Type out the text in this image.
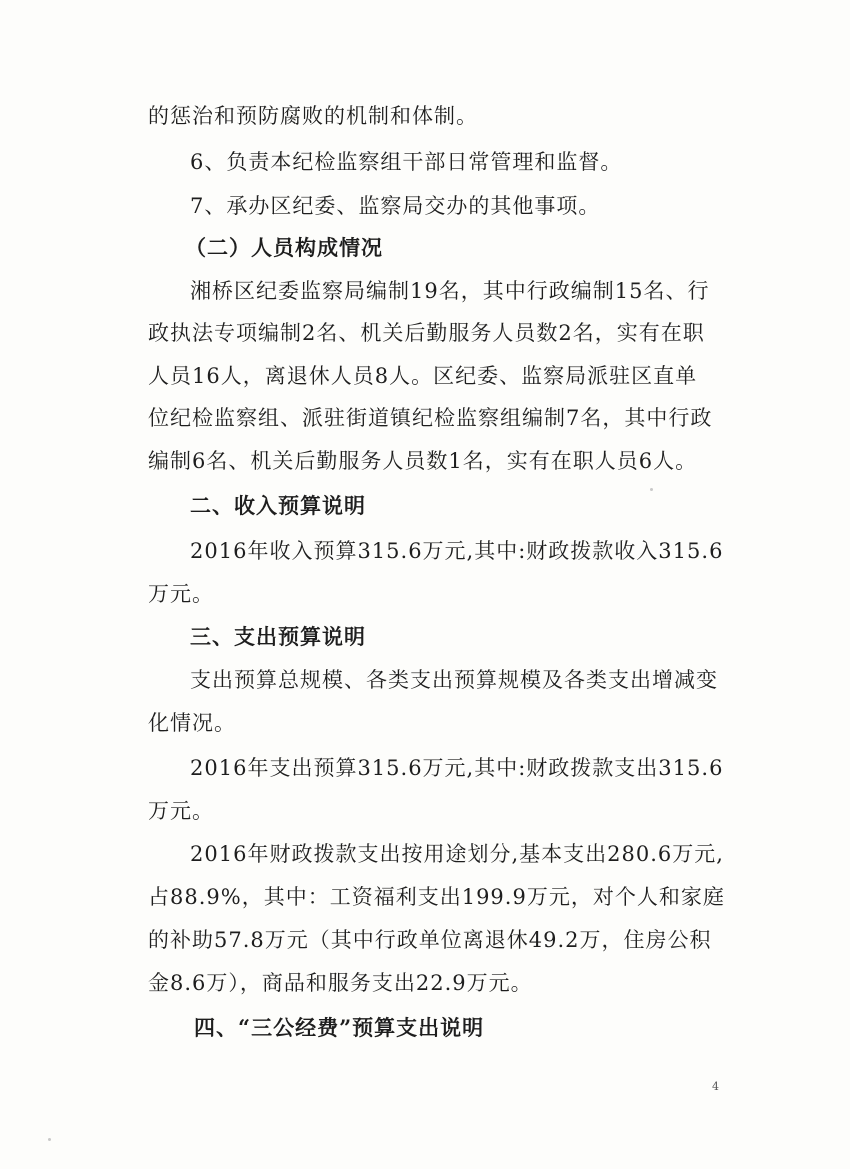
的惩治和预防腐败的机制和体制。
6、负责本纪检监察组干部日常管理和监督。
7、承办区纪委、监察局交办的其他事项。
（二）人员构成情况
湘桥区纪委监察局编制19名，其中行政编制15名、行
政执法专项编制2名、机关后勤服务人员数2名，实有在职
人员16人，离退休人员8人。区纪委、监察局派驻区直单
位纪检监察组、派驻街道镇纪检监察组编制7名，其中行政
编制6名、机关后勤服务人员数1名，实有在职人员6人。
二、收入预算说明
2016年收入预算315.6万元,其中:财政拨款收入315.6
万元。
三、支出预算说明
支出预算总规模、各类支出预算规模及各类支出增减变
化情况。
2016年支出预算315.6万元,其中:财政拨款支出315.6
万元。
2016年财政拨款支出按用途划分,基本支出280.6万元,
占88.9%，其中：工资福利支出199.9万元，对个人和家庭
的补助57.8万元（其中行政单位离退休49.2万，住房公积
金8.6万），商品和服务支出22.9万元。
四、“三公经费”预算支出说明
4
